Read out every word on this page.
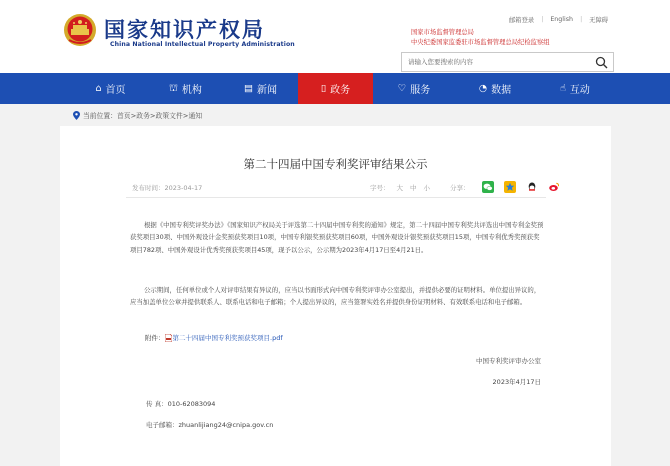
国家知识产权局
China National Intellectual Property Administration
邮箱登录 | English | 无障碍
国家市场监督管理总局
中央纪委国家监委驻市场监督管理总局纪检监察组
请输入您要搜索的内容
⌂ 首页	⛫ 机构	▤ 新闻	▯ 政务	♡ 服务	◔ 数据	☝ 互动
当前位置：首页>政务>政策文件>通知
第二十四届中国专利奖评审结果公示
发布时间：2023-04-17	字号： 大 中 小	分享：
根据《中国专利奖评奖办法》《国家知识产权局关于评选第二十四届中国专利奖的通知》规定，第二十四届中国专利奖共评选出中国专利金奖预获奖项目30项、中国外观设计金奖预获奖项目10项，中国专利银奖预获奖项目60项，中国外观设计银奖预获奖项目15项，中国专利优秀奖预获奖项目782项、中国外观设计优秀奖预获奖项目45项，现予以公示，公示期为2023年4月17日至4月21日。
公示期间，任何单位或个人对评审结果有异议的，应当以书面形式向中国专利奖评审办公室提出，并提供必要的证明材料。单位提出异议的，应当加盖单位公章并提供联系人、联系电话和电子邮箱；个人提出异议的，应当签署实姓名并提供身份证明材料、有效联系电话和电子邮箱。
附件： 第二十四届中国专利奖预获奖项目.pdf
中国专利奖评审办公室
2023年4月17日
传 真：010-62083094
电子邮箱：zhuanlijiang24@cnipa.gov.cn
